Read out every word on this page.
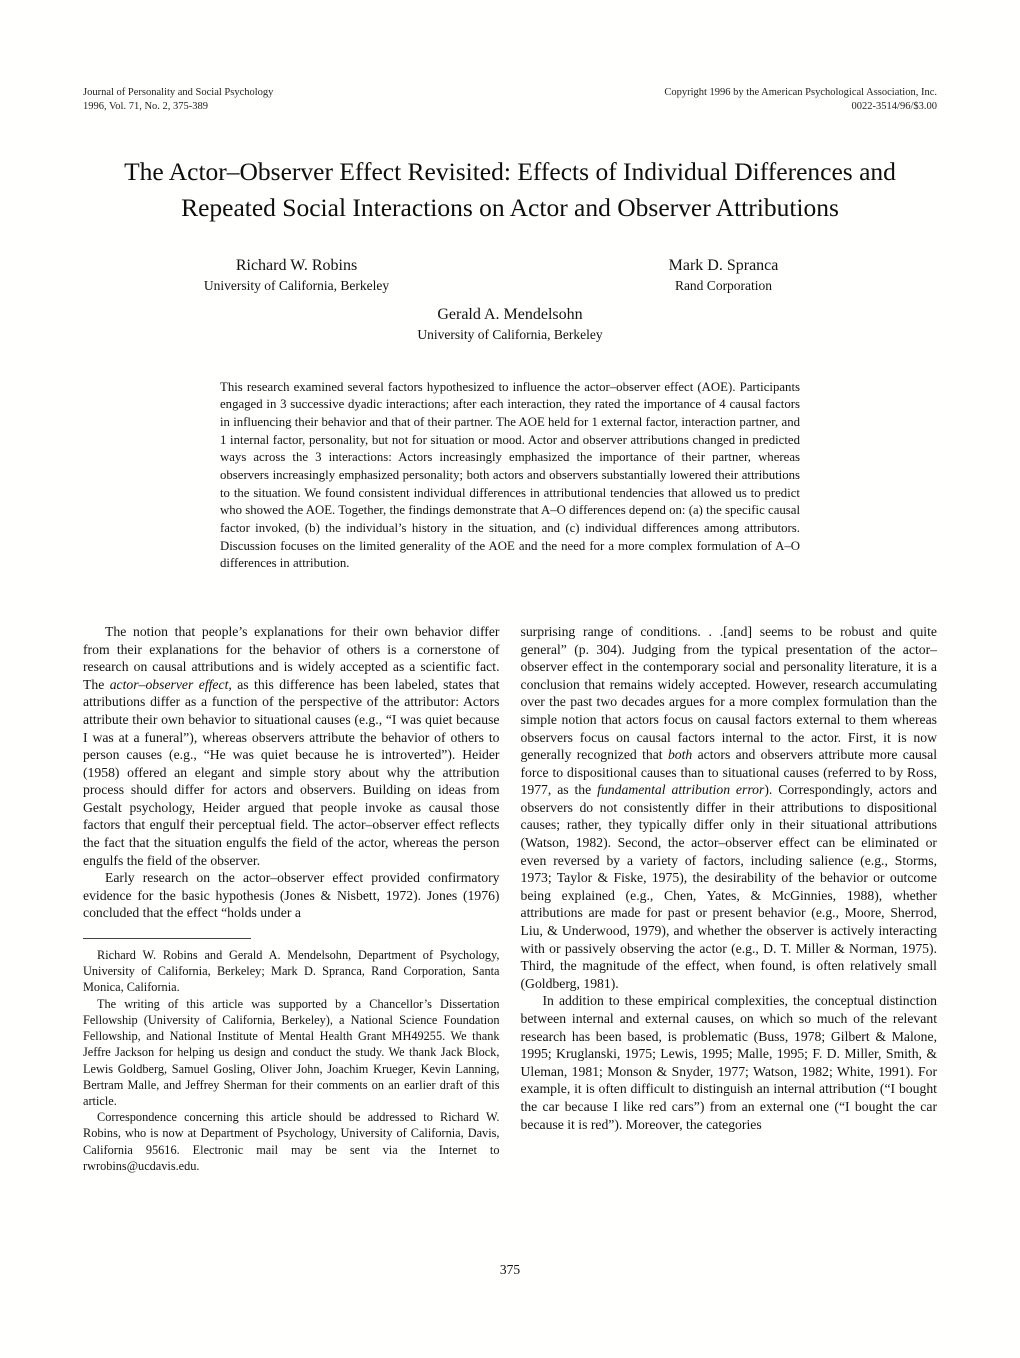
Journal of Personality and Social Psychology
1996, Vol. 71, No. 2, 375-389
Copyright 1996 by the American Psychological Association, Inc.
0022-3514/96/$3.00
The Actor–Observer Effect Revisited: Effects of Individual Differences and Repeated Social Interactions on Actor and Observer Attributions
Richard W. Robins
University of California, Berkeley
Mark D. Spranca
Rand Corporation
Gerald A. Mendelsohn
University of California, Berkeley
This research examined several factors hypothesized to influence the actor–observer effect (AOE). Participants engaged in 3 successive dyadic interactions; after each interaction, they rated the importance of 4 causal factors in influencing their behavior and that of their partner. The AOE held for 1 external factor, interaction partner, and 1 internal factor, personality, but not for situation or mood. Actor and observer attributions changed in predicted ways across the 3 interactions: Actors increasingly emphasized the importance of their partner, whereas observers increasingly emphasized personality; both actors and observers substantially lowered their attributions to the situation. We found consistent individual differences in attributional tendencies that allowed us to predict who showed the AOE. Together, the findings demonstrate that A–O differences depend on: (a) the specific causal factor invoked, (b) the individual’s history in the situation, and (c) individual differences among attributors. Discussion focuses on the limited generality of the AOE and the need for a more complex formulation of A–O differences in attribution.

The notion that people’s explanations for their own behavior differ from their explanations for the behavior of others is a cornerstone of research on causal attributions and is widely accepted as a scientific fact. The actor–observer effect, as this difference has been labeled, states that attributions differ as a function of the perspective of the attributor: Actors attribute their own behavior to situational causes (e.g., “I was quiet because I was at a funeral”), whereas observers attribute the behavior of others to person causes (e.g., “He was quiet because he is introverted”). Heider (1958) offered an elegant and simple story about why the attribution process should differ for actors and observers. Building on ideas from Gestalt psychology, Heider argued that people invoke as causal those factors that engulf their perceptual field. The actor–observer effect reflects the fact that the situation engulfs the field of the actor, whereas the person engulfs the field of the observer.

Early research on the actor–observer effect provided confirmatory evidence for the basic hypothesis (Jones & Nisbett, 1972). Jones (1976) concluded that the effect “holds under a

Richard W. Robins and Gerald A. Mendelsohn, Department of Psychology, University of California, Berkeley; Mark D. Spranca, Rand Corporation, Santa Monica, California.

The writing of this article was supported by a Chancellor’s Dissertation Fellowship (University of California, Berkeley), a National Science Foundation Fellowship, and National Institute of Mental Health Grant MH49255. We thank Jeffre Jackson for helping us design and conduct the study. We thank Jack Block, Lewis Goldberg, Samuel Gosling, Oliver John, Joachim Krueger, Kevin Lanning, Bertram Malle, and Jeffrey Sherman for their comments on an earlier draft of this article.

Correspondence concerning this article should be addressed to Richard W. Robins, who is now at Department of Psychology, University of California, Davis, California 95616. Electronic mail may be sent via the Internet to rwrobins@ucdavis.edu.

surprising range of conditions. . .[and] seems to be robust and quite general” (p. 304). Judging from the typical presentation of the actor–observer effect in the contemporary social and personality literature, it is a conclusion that remains widely accepted. However, research accumulating over the past two decades argues for a more complex formulation than the simple notion that actors focus on causal factors external to them whereas observers focus on causal factors internal to the actor. First, it is now generally recognized that both actors and observers attribute more causal force to dispositional causes than to situational causes (referred to by Ross, 1977, as the fundamental attribution error). Correspondingly, actors and observers do not consistently differ in their attributions to dispositional causes; rather, they typically differ only in their situational attributions (Watson, 1982). Second, the actor–observer effect can be eliminated or even reversed by a variety of factors, including salience (e.g., Storms, 1973; Taylor & Fiske, 1975), the desirability of the behavior or outcome being explained (e.g., Chen, Yates, & McGinnies, 1988), whether attributions are made for past or present behavior (e.g., Moore, Sherrod, Liu, & Underwood, 1979), and whether the observer is actively interacting with or passively observing the actor (e.g., D. T. Miller & Norman, 1975). Third, the magnitude of the effect, when found, is often relatively small (Goldberg, 1981).

In addition to these empirical complexities, the conceptual distinction between internal and external causes, on which so much of the relevant research has been based, is problematic (Buss, 1978; Gilbert & Malone, 1995; Kruglanski, 1975; Lewis, 1995; Malle, 1995; F. D. Miller, Smith, & Uleman, 1981; Monson & Snyder, 1977; Watson, 1982; White, 1991). For example, it is often difficult to distinguish an internal attribution (“I bought the car because I like red cars”) from an external one (“I bought the car because it is red”). Moreover, the categories

375
